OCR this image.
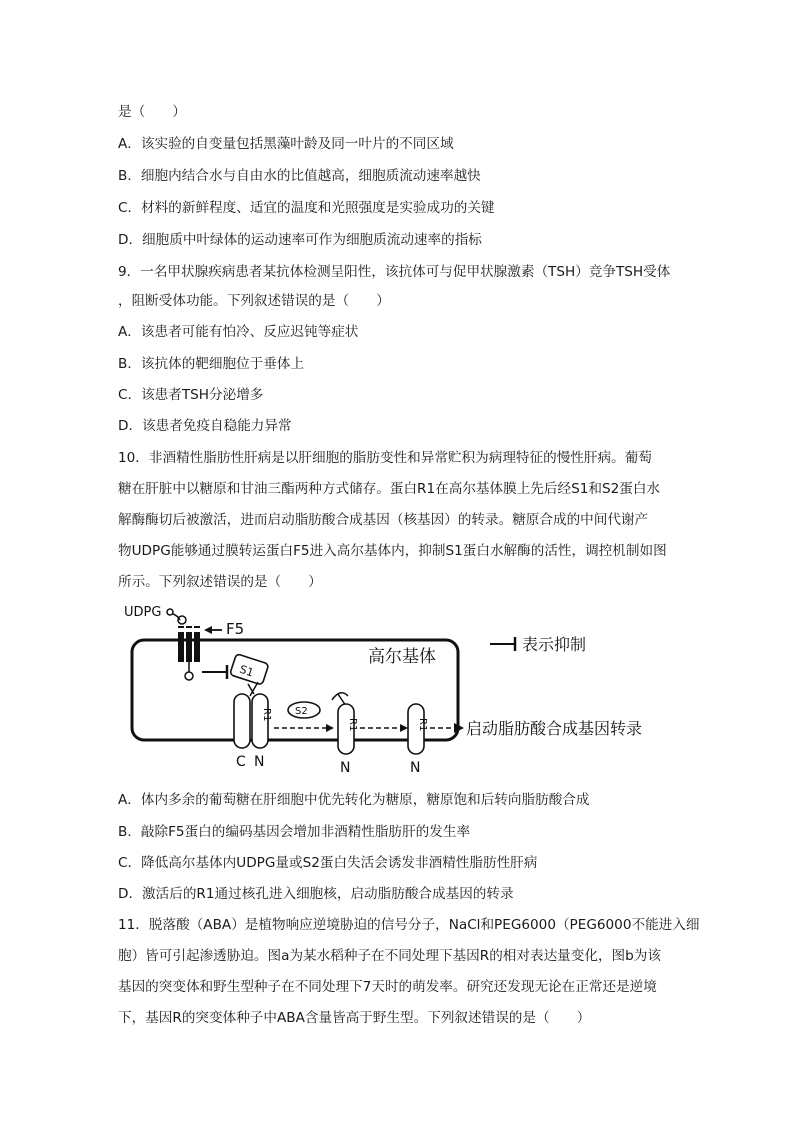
是（　　）
A．该实验的自变量包括黑藻叶龄及同一叶片的不同区域
B．细胞内结合水与自由水的比值越高，细胞质流动速率越快
C．材料的新鲜程度、适宜的温度和光照强度是实验成功的关键
D．细胞质中叶绿体的运动速率可作为细胞质流动速率的指标
9．一名甲状腺疾病患者某抗体检测呈阳性，该抗体可与促甲状腺激素（TSH）竞争TSH受体
，阻断受体功能。下列叙述错误的是（　　）
A．该患者可能有怕冷、反应迟钝等症状
B．该抗体的靶细胞位于垂体上
C．该患者TSH分泌增多
D．该患者免疫自稳能力异常
10．非酒精性脂肪性肝病是以肝细胞的脂肪变性和异常贮积为病理特征的慢性肝病。葡萄
糖在肝脏中以糖原和甘油三酯两种方式储存。蛋白R1在高尔基体膜上先后经S1和S2蛋白水
解酶酶切后被激活，进而启动脂肪酸合成基因（核基因）的转录。糖原合成的中间代谢产
物UDPG能够通过膜转运蛋白F5进入高尔基体内，抑制S1蛋白水解酶的活性，调控机制如图
所示。下列叙述错误的是（　　）
高尔基体
UDPG
F5
S1
R1
C N
S2
R1
N
R1
N
启动脂肪酸合成基因转录
表示抑制
A．体内多余的葡萄糖在肝细胞中优先转化为糖原，糖原饱和后转向脂肪酸合成
B．敲除F5蛋白的编码基因会增加非酒精性脂肪肝的发生率
C．降低高尔基体内UDPG量或S2蛋白失活会诱发非酒精性脂肪性肝病
D．激活后的R1通过核孔进入细胞核，启动脂肪酸合成基因的转录
11．脱落酸（ABA）是植物响应逆境胁迫的信号分子，NaCl和PEG6000（PEG6000不能进入细
胞）皆可引起渗透胁迫。图a为某水稻种子在不同处理下基因R的相对表达量变化，图b为该
基因的突变体和野生型种子在不同处理下7天时的萌发率。研究还发现无论在正常还是逆境
下，基因R的突变体种子中ABA含量皆高于野生型。下列叙述错误的是（　　）
